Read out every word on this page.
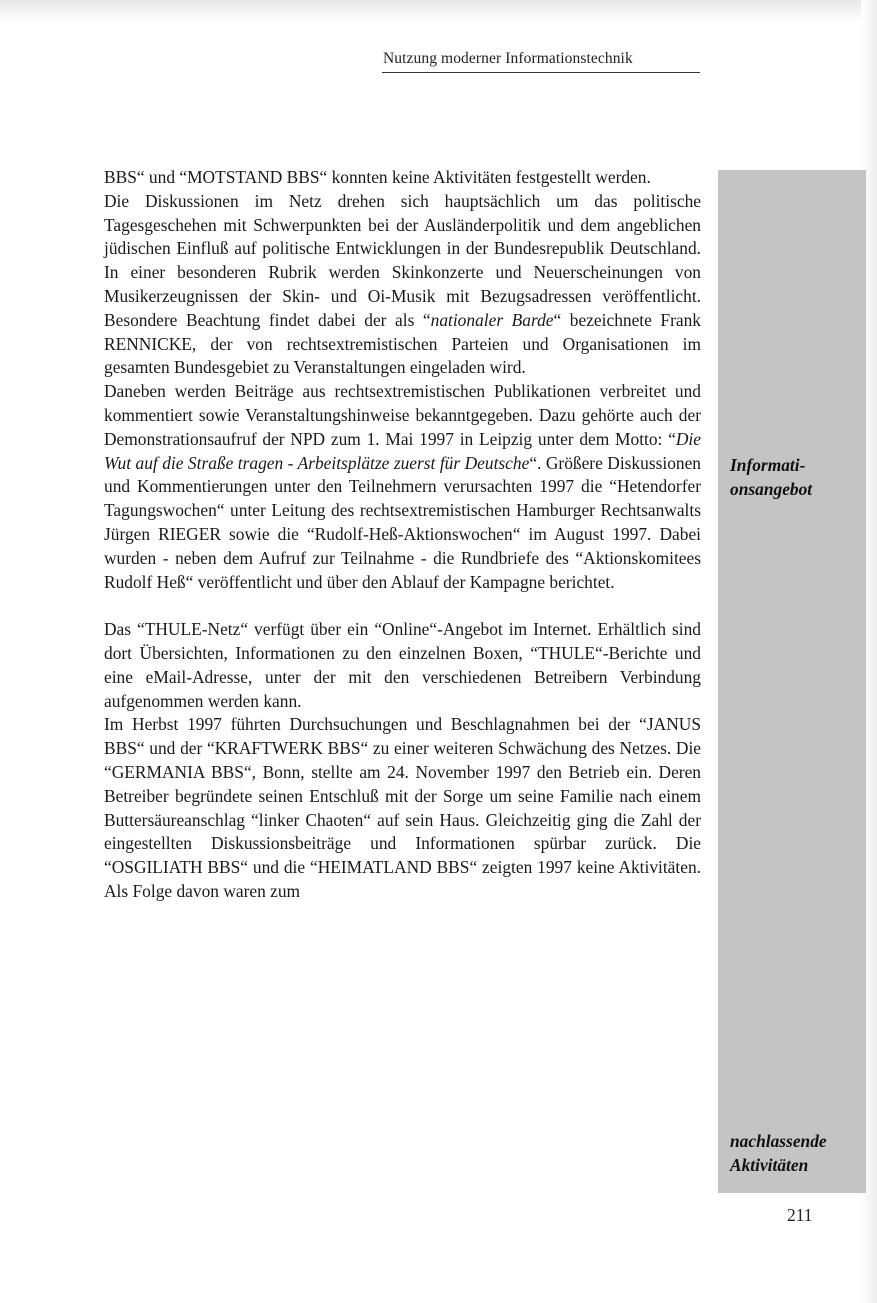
Nutzung moderner Informationstechnik

BBS“ und “MOTSTAND BBS“ konnten keine Aktivitäten festgestellt werden.

Die Diskussionen im Netz drehen sich hauptsächlich um das politische Tagesgeschehen mit Schwerpunkten bei der Ausländerpolitik und dem angeblichen jüdischen Einfluß auf politische Entwicklungen in der Bundesrepublik Deutschland. In einer besonderen Rubrik werden Skinkonzerte und Neuerscheinungen von Musikerzeugnissen der Skin- und Oi-Musik mit Bezugsadressen veröffentlicht. Besondere Beachtung findet dabei der als “nationaler Barde“ bezeichnete Frank RENNICKE, der von rechtsextremistischen Parteien und Organisationen im gesamten Bundesgebiet zu Veranstaltungen eingeladen wird.

Daneben werden Beiträge aus rechtsextremistischen Publikationen verbreitet und kommentiert sowie Veranstaltungshinweise bekanntgegeben. Dazu gehörte auch der Demonstrationsaufruf der NPD zum 1. Mai 1997 in Leipzig unter dem Motto: “Die Wut auf die Straße tragen - Arbeitsplätze zuerst für Deutsche“. Größere Diskussionen und Kommentierungen unter den Teilnehmern verursachten 1997 die “Hetendorfer Tagungswochen“ unter Leitung des rechtsextremistischen Hamburger Rechtsanwalts Jürgen RIEGER sowie die “Rudolf-Heß-Aktionswochen“ im August 1997. Dabei wurden - neben dem Aufruf zur Teilnahme - die Rundbriefe des “Aktionskomitees Rudolf Heß“ veröffentlicht und über den Ablauf der Kampagne berichtet.

Das “THULE-Netz“ verfügt über ein “Online“-Angebot im Internet. Erhältlich sind dort Übersichten, Informationen zu den einzelnen Boxen, “THULE“-Berichte und eine eMail-Adresse, unter der mit den verschiedenen Betreibern Verbindung aufgenommen werden kann.

Im Herbst 1997 führten Durchsuchungen und Beschlagnahmen bei der “JANUS BBS“ und der “KRAFTWERK BBS“ zu einer weiteren Schwächung des Netzes. Die “GERMANIA BBS“, Bonn, stellte am 24. November 1997 den Betrieb ein. Deren Betreiber begründete seinen Entschluß mit der Sorge um seine Familie nach einem Buttersäureanschlag “linker Chaoten“ auf sein Haus. Gleichzeitig ging die Zahl der eingestellten Diskussionsbeiträge und Informationen spürbar zurück. Die “OSGILIATH BBS“ und die “HEIMATLAND BBS“ zeigten 1997 keine Aktivitäten. Als Folge davon waren zum

Informati-
onsangebot
nachlassende
Aktivitäten
211
